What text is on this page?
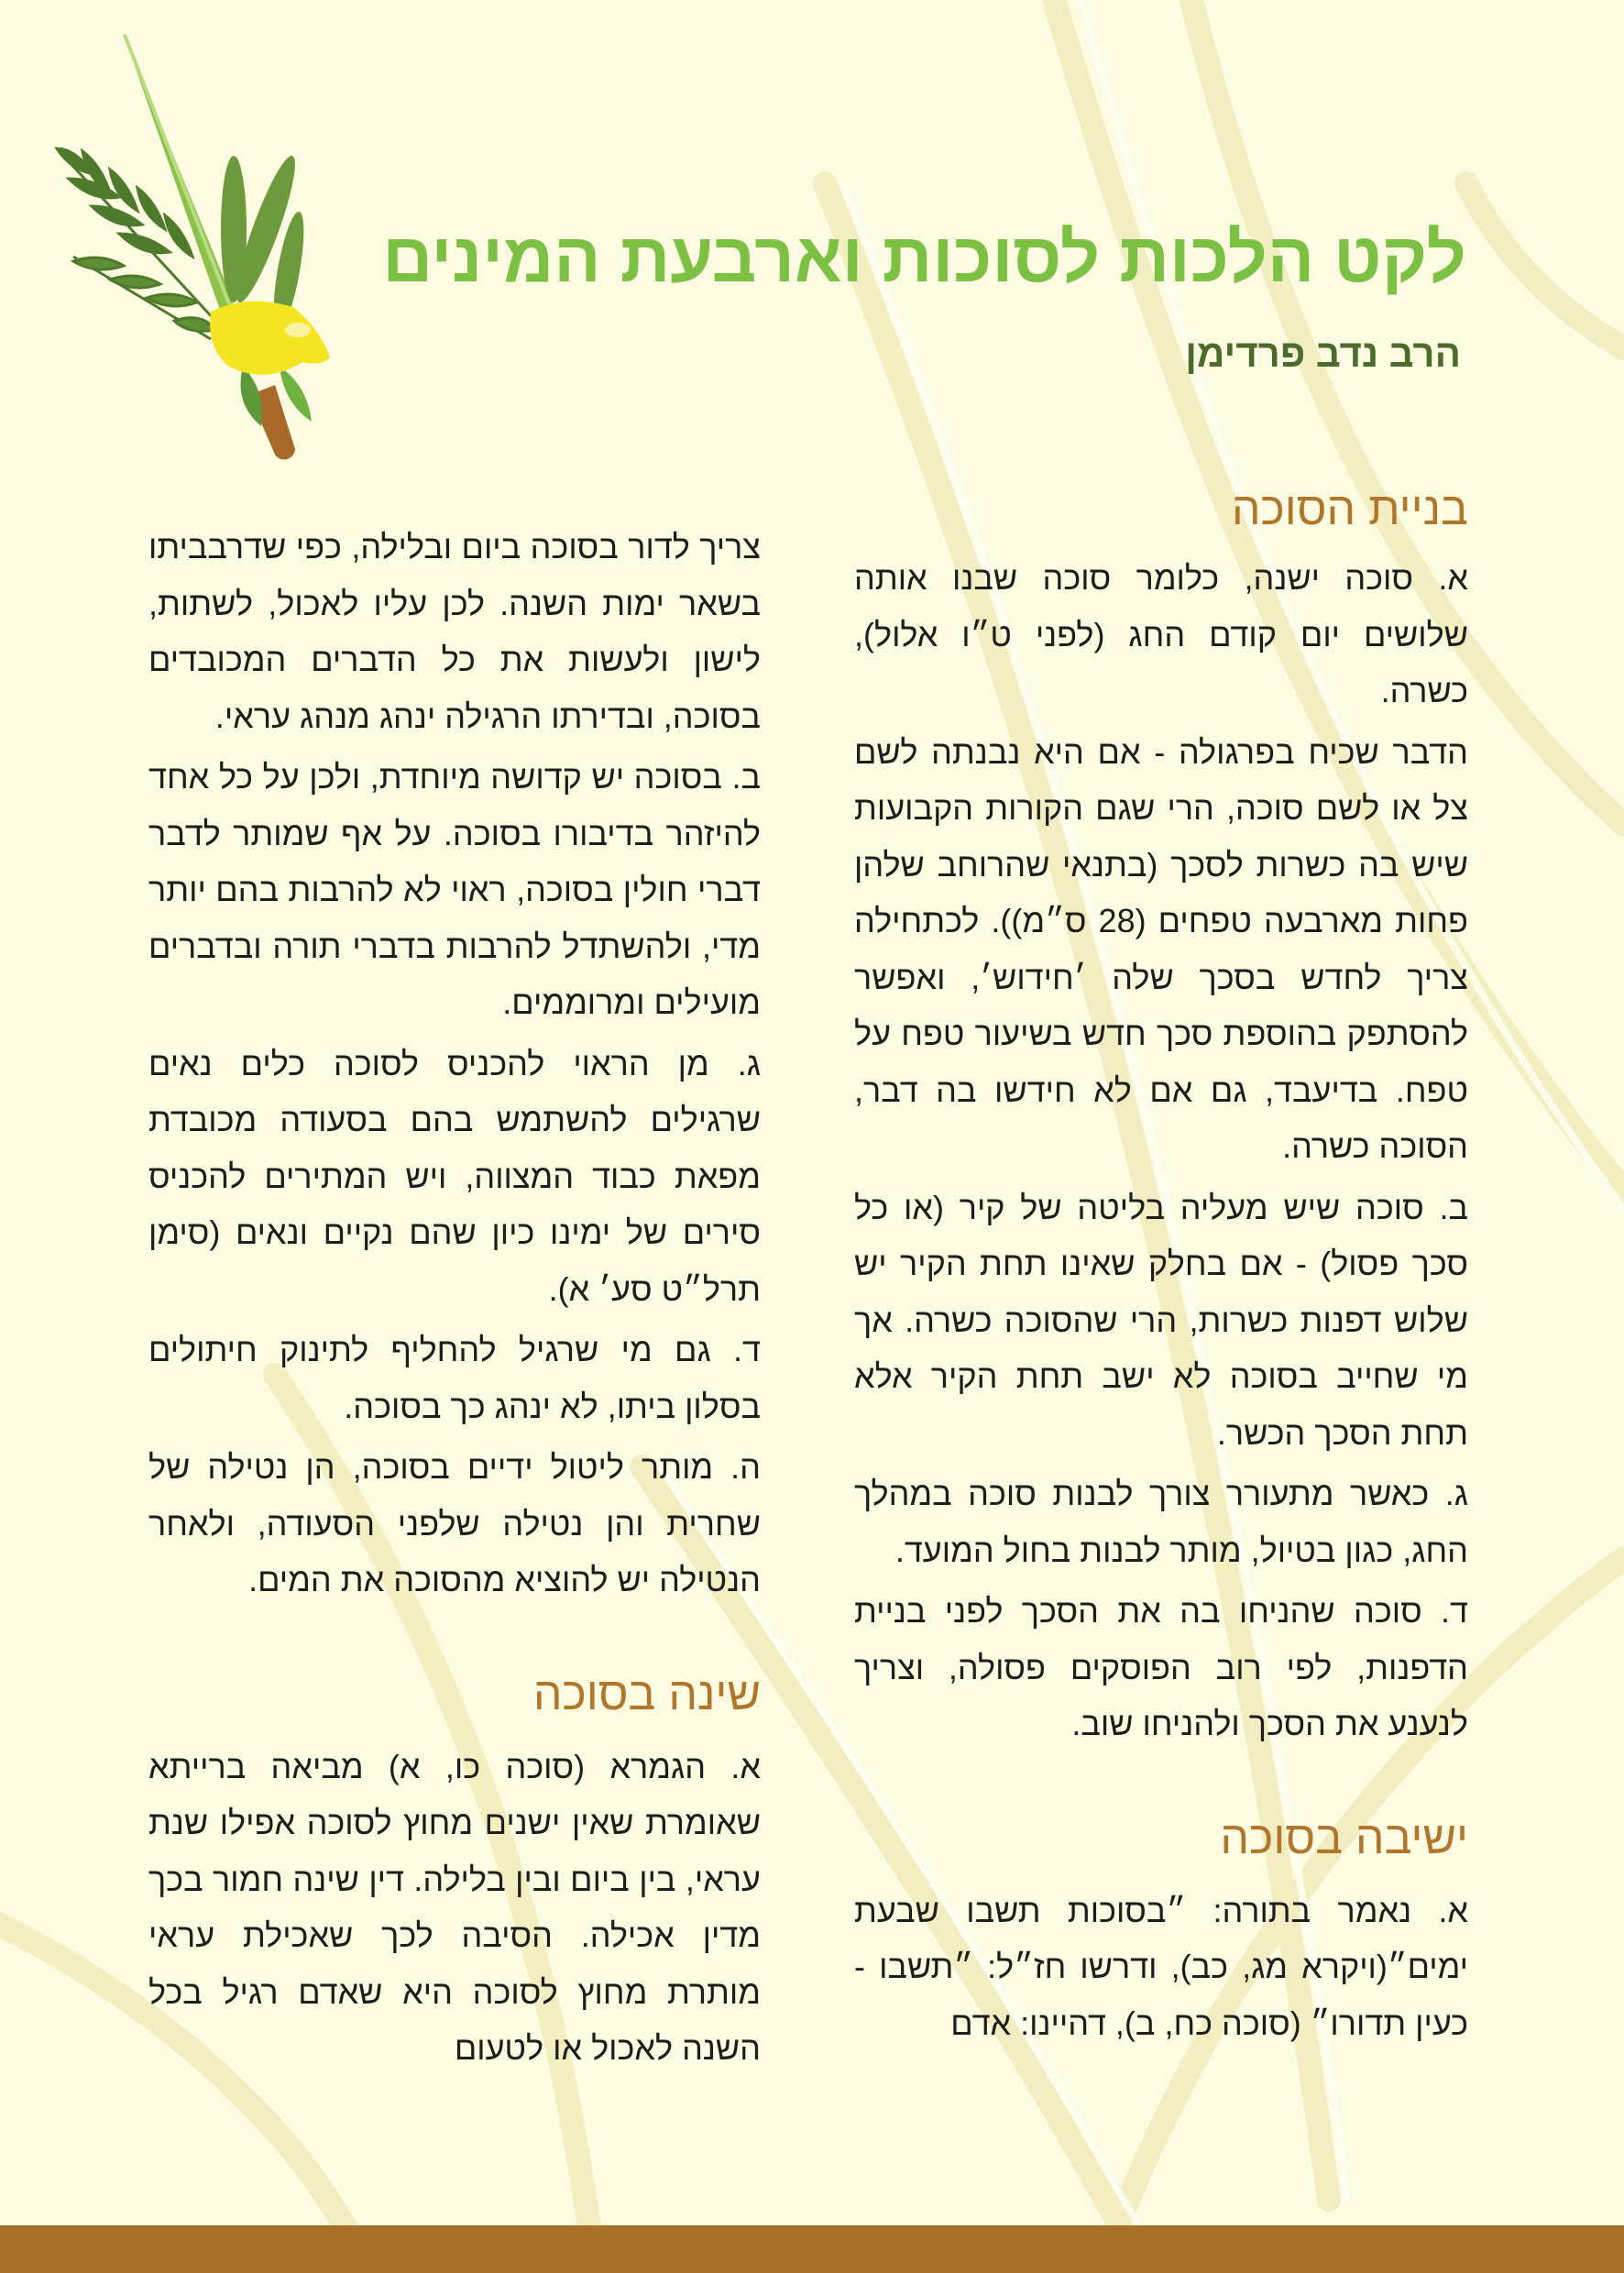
לקט הלכות לסוכות וארבעת המינים
הרב נדב פרדימן
בניית הסוכה

א. סוכה ישנה, כלומר סוכה שבנו אותה שלושים יום קודם החג (לפני ט״ו אלול), כשרה.

הדבר שכיח בפרגולה - אם היא נבנתה לשם צל או לשם סוכה, הרי שגם הקורות הקבועות שיש בה כשרות לסכך (בתנאי שהרוחב שלהן פחות מארבעה טפחים (28 ס״מ)). לכתחילה צריך לחדש בסכך שלה ׳חידוש׳, ואפשר להסתפק בהוספת סכך חדש בשיעור טפח על טפח. בדיעבד, גם אם לא חידשו בה דבר, הסוכה כשרה.

ב. סוכה שיש מעליה בליטה של קיר (או כל סכך פסול) - אם בחלק שאינו תחת הקיר יש שלוש דפנות כשרות, הרי שהסוכה כשרה. אך מי שחייב בסוכה לא ישב תחת הקיר אלא תחת הסכך הכשר.

ג. כאשר מתעורר צורך לבנות סוכה במהלך החג, כגון בטיול, מותר לבנות בחול המועד.

ד. סוכה שהניחו בה את הסכך לפני בניית הדפנות, לפי רוב הפוסקים פסולה, וצריך לנענע את הסכך ולהניחו שוב.

ישיבה בסוכה

א. נאמר בתורה: ״בסוכות תשבו שבעת ימים״(ויקרא מג, כב), ודרשו חז״ל: ״תשבו - כעין תדורו״ (סוכה כח, ב), דהיינו: אדם

צריך לדור בסוכה ביום ובלילה, כפי שדרבביתו בשאר ימות השנה. לכן עליו לאכול, לשתות, לישון ולעשות את כל הדברים המכובדים בסוכה, ובדירתו הרגילה ינהג מנהג עראי.

ב. בסוכה יש קדושה מיוחדת, ולכן על כל אחד להיזהר בדיבורו בסוכה. על אף שמותר לדבר דברי חולין בסוכה, ראוי לא להרבות בהם יותר מדי, ולהשתדל להרבות בדברי תורה ובדברים מועילים ומרוממים.

ג. מן הראוי להכניס לסוכה כלים נאים שרגילים להשתמש בהם בסעודה מכובדת מפאת כבוד המצווה, ויש המתירים להכניס סירים של ימינו כיון שהם נקיים ונאים (סימן תרל״ט סע׳ א).

ד. גם מי שרגיל להחליף לתינוק חיתולים בסלון ביתו, לא ינהג כך בסוכה.

ה. מותר ליטול ידיים בסוכה, הן נטילה של שחרית והן נטילה שלפני הסעודה, ולאחר הנטילה יש להוציא מהסוכה את המים.

שינה בסוכה

א. הגמרא (סוכה כו, א) מביאה ברייתא שאומרת שאין ישנים מחוץ לסוכה אפילו שנת עראי, בין ביום ובין בלילה. דין שינה חמור בכך מדין אכילה. הסיבה לכך שאכילת עראי מותרת מחוץ לסוכה היא שאדם רגיל בכל השנה לאכול או לטעום
